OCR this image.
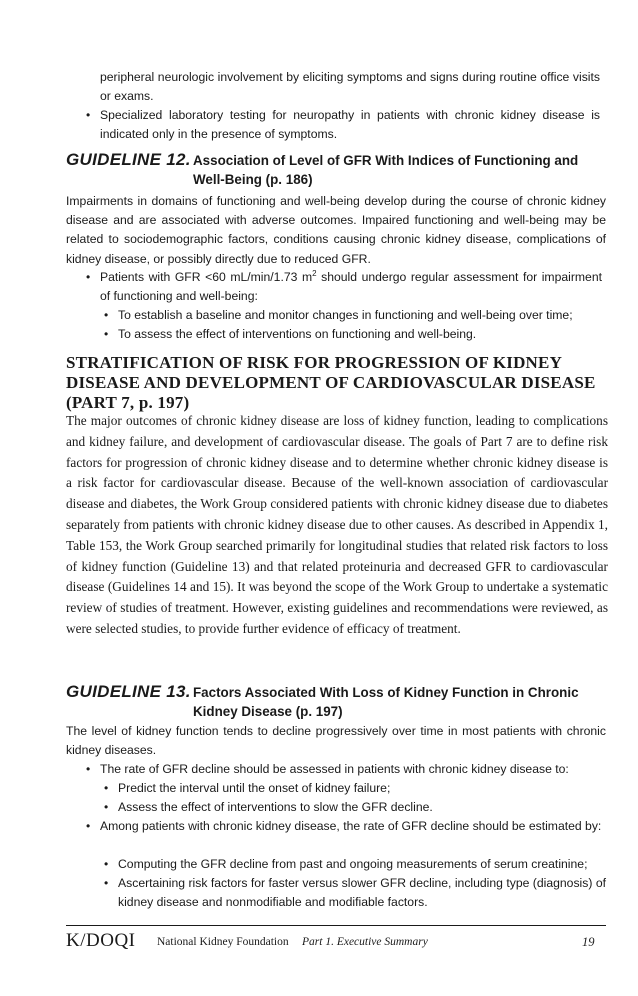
peripheral neurologic involvement by eliciting symptoms and signs during routine office visits or exams.
• Specialized laboratory testing for neuropathy in patients with chronic kidney disease is indicated only in the presence of symptoms.
GUIDELINE 12. Association of Level of GFR With Indices of Functioning and Well-Being (p. 186)
Impairments in domains of functioning and well-being develop during the course of chronic kidney disease and are associated with adverse outcomes. Impaired functioning and well-being may be related to sociodemographic factors, conditions causing chronic kidney disease, complications of kidney disease, or possibly directly due to reduced GFR.
• Patients with GFR <60 mL/min/1.73 $m^2$ should undergo regular assessment for impairment of functioning and well-being:
• To establish a baseline and monitor changes in functioning and well-being over time;
• To assess the effect of interventions on functioning and well-being.
STRATIFICATION OF RISK FOR PROGRESSION OF KIDNEY DISEASE AND DEVELOPMENT OF CARDIOVASCULAR DISEASE (PART 7, p. 197)
The major outcomes of chronic kidney disease are loss of kidney function, leading to complications and kidney failure, and development of cardiovascular disease. The goals of Part 7 are to define risk factors for progression of chronic kidney disease and to determine whether chronic kidney disease is a risk factor for cardiovascular disease. Because of the well-known association of cardiovascular disease and diabetes, the Work Group considered patients with chronic kidney disease due to diabetes separately from patients with chronic kidney disease due to other causes. As described in Appendix 1, Table 153, the Work Group searched primarily for longitudinal studies that related risk factors to loss of kidney function (Guideline 13) and that related proteinuria and decreased GFR to cardiovascular disease (Guidelines 14 and 15). It was beyond the scope of the Work Group to undertake a systematic review of studies of treatment. However, existing guidelines and recommendations were reviewed, as were selected studies, to provide further evidence of efficacy of treatment.
GUIDELINE 13. Factors Associated With Loss of Kidney Function in Chronic Kidney Disease (p. 197)
The level of kidney function tends to decline progressively over time in most patients with chronic kidney diseases.
• The rate of GFR decline should be assessed in patients with chronic kidney disease to:
• Predict the interval until the onset of kidney failure;
• Assess the effect of interventions to slow the GFR decline.
• Among patients with chronic kidney disease, the rate of GFR decline should be estimated by:
• Computing the GFR decline from past and ongoing measurements of serum creatinine;
• Ascertaining risk factors for faster versus slower GFR decline, including type (diagnosis) of kidney disease and nonmodifiable and modifiable factors.
K/DOQI National Kidney Foundation Part 1. Executive Summary	19
